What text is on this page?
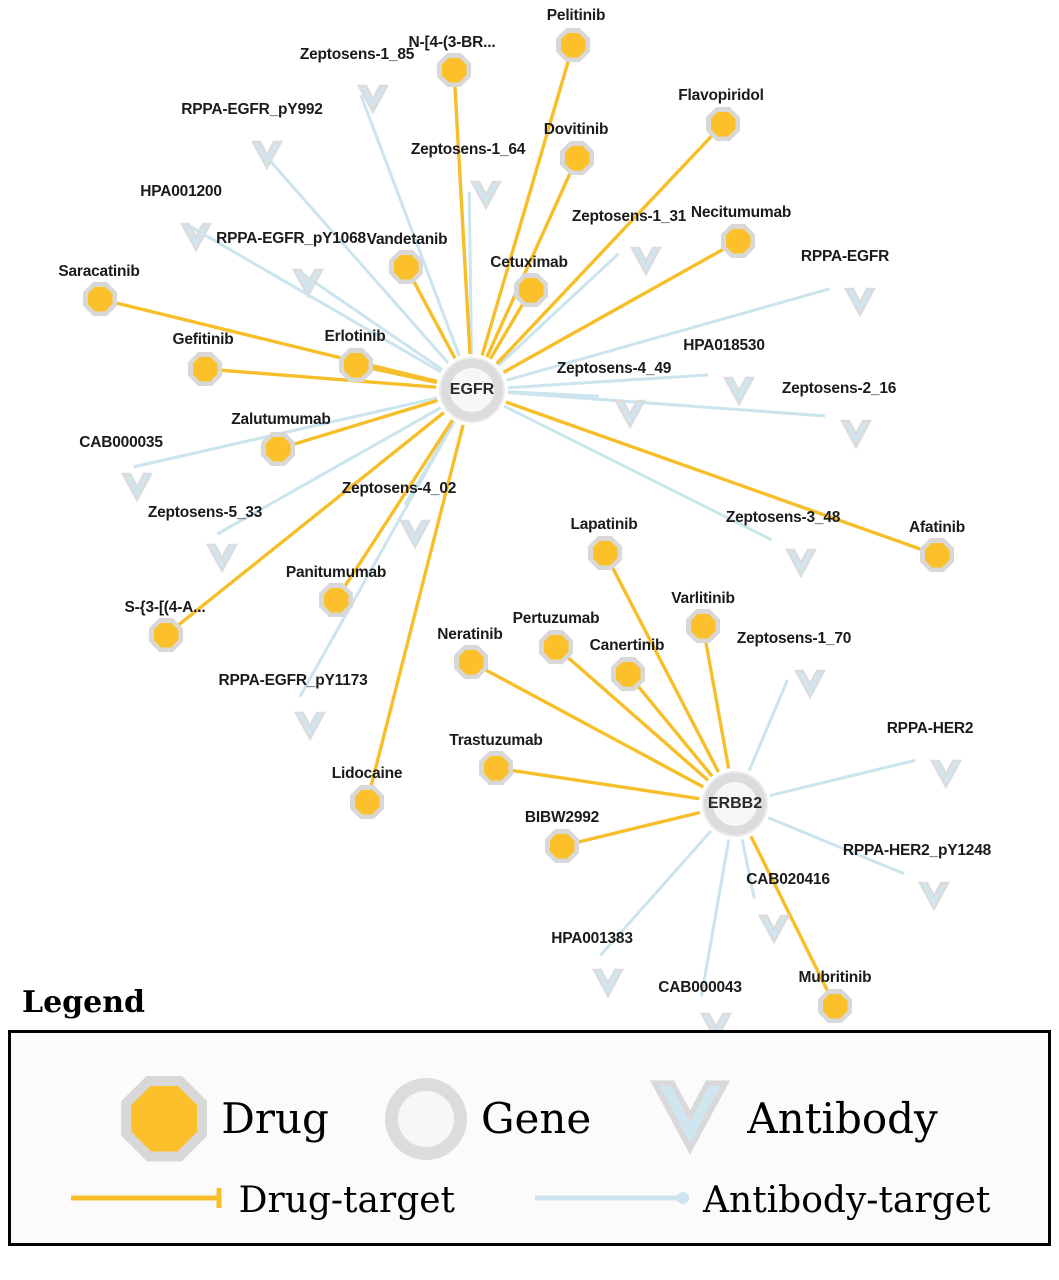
Zeptosens-1_85
RPPA-EGFR_pY992
Zeptosens-1_64
HPA001200
Zeptosens-1_31
RPPA-EGFR_pY1068
RPPA-EGFR
HPA018530
Zeptosens-4_49
Zeptosens-2_16
CAB000035
Zeptosens-4_02
Zeptosens-5_33	Zeptosens-3_48
Zeptosens-1_70
RPPA-EGFR_pY1173
RPPA-HER2
RPPA-HER2_pY1248
CAB020416
HPA001383
CAB000043
Pelitinib
N-[4-(3-BR...
Flavopiridol
Dovitinib
Necitumumab
Vandetanib
Cetuximab
Saracatinib
Erlotinib
Gefitinib
Zalutumumab
Afatinib
Lapatinib
Varlitinib
Panitumumab
S-{3-[(4-A...
Pertuzumab
Neratinib
Canertinib
Trastuzumab
Lidocaine
BIBW2992
Mubritinib
EGFR
ERBB2
Legend
Drug	Gene	Antibody
Drug-target	Antibody-target
